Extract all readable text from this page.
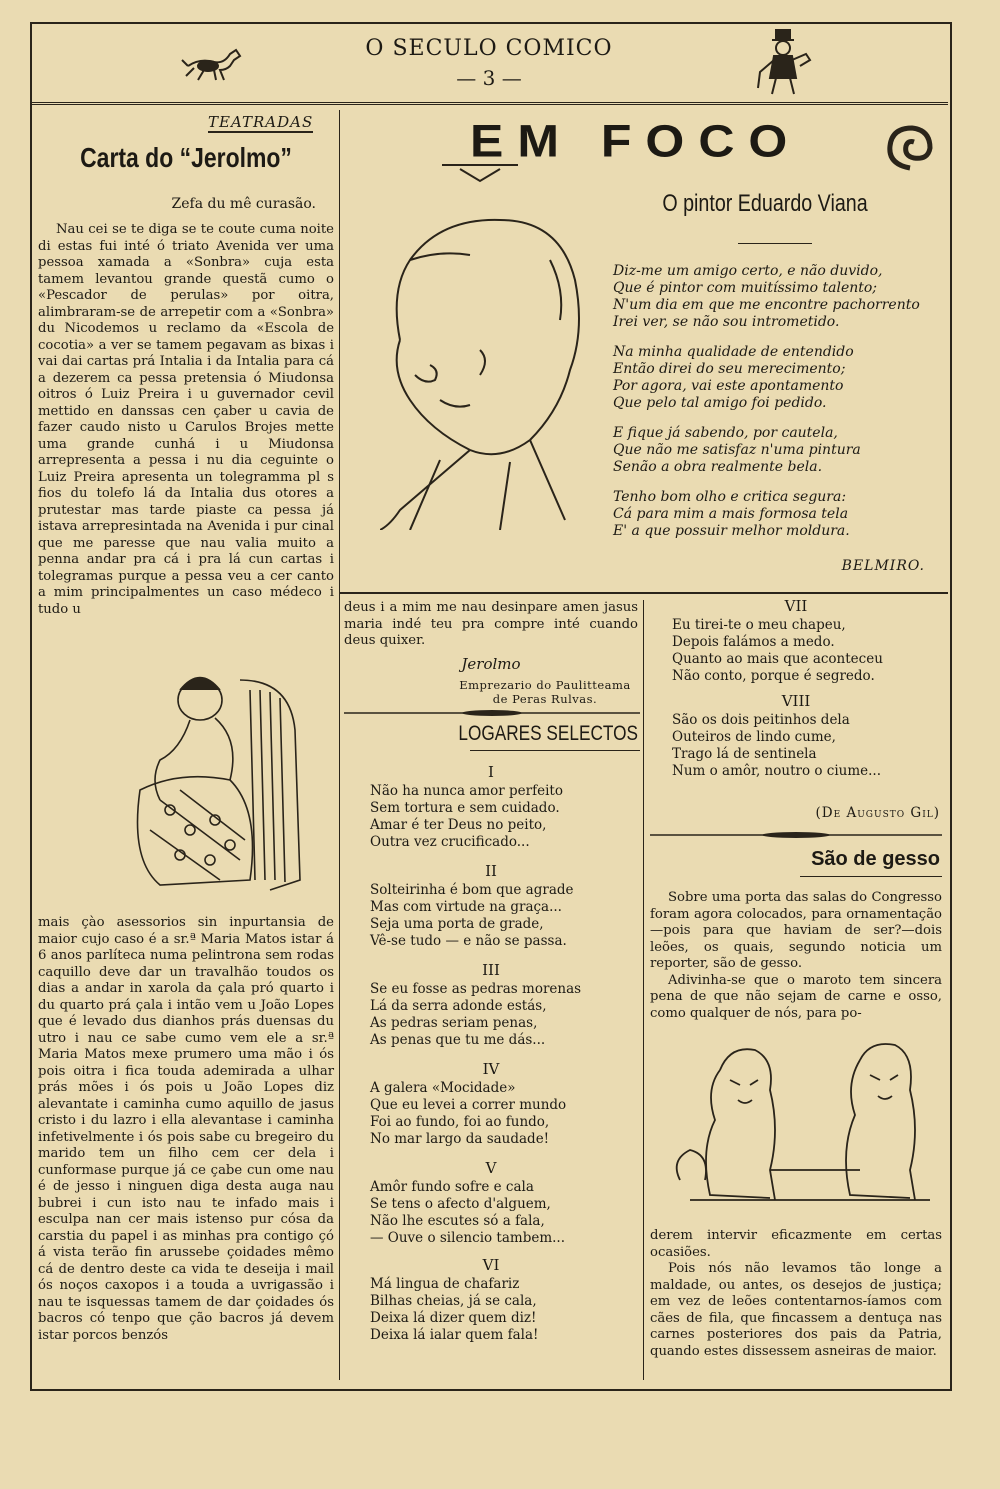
O SECULO COMICO
— 3 —
TEATRADAS
Carta do “Jerolmo”
Zefa du mê curasão.

Nau cei se te diga se te coute cuma noite di estas fui inté ó triato Avenida ver uma pessoa xamada a «Sonbra» cuja esta tamem levantou grande questã cumo o «Pescador de perulas» por oitra, alimbraram-se de arrepetir com a «Sonbra» du Nicodemos u reclamo da «Escola de cocotia» a ver se tamem pegavam as bixas i vai dai cartas prá Intalia i da Intalia para cá a dezerem ca pessa pretensia ó Miudonsa oitros ó Luiz Preira i u guvernador cevil mettido en danssas cen çaber u cavia de fazer caudo nisto u Carulos Brojes mette uma grande cunhá i u Miudonsa arrepresenta a pessa i nu dia ceguinte o Luiz Preira apresenta un tolegramma pl s fios du tolefo lá da Intalia dus otores a prutestar mas tarde piaste ca pessa já istava arrepresintada na Avenida i pur cinal que me paresse que nau valia muito a penna andar pra cá i pra lá cun cartas i tolegramas purque a pessa veu a cer canto a mim principalmentes un caso médeco i tudo u

mais çào asessorios sin inpurtansia de maior cujo caso é a sr.ª Maria Matos istar á 6 anos parlíteca numa pelintrona sem rodas caquillo deve dar un travalhão toudos os dias a andar in xarola da çala pró quarto i du quarto prá çala i intão vem u João Lopes que é levado dus dianhos prás duensas du utro i nau ce sabe cumo vem ele a sr.ª Maria Matos mexe prumero uma mão i ós pois oitra i fica touda ademirada a ulhar prás mões i ós pois u João Lopes diz alevantate i caminha cumo aquillo de jasus cristo i du lazro i ella alevantase i caminha infetivelmente i ós pois sabe cu bregeiro du marido tem un filho cem cer dela i cunformase purque já ce çabe cun ome nau é de jesso i ninguen diga desta auga nau bubrei i cun isto nau te infado mais i esculpa nan cer mais istenso pur cósa da carstia du papel i as minhas pra contigo çó á vista terão fin arussebe çoidades mêmo cá de dentro deste ca vida te deseija i mail ós noços caxopos i a touda a uvrigassão i nau te isquessas tamem de dar çoidades ós bacros có tenpo que ção bacros já devem istar porcos benzós

EM FOCO
O pintor Eduardo Viana
Diz-me um amigo certo, e não duvido,
Que é pintor com muitíssimo talento;
N'um dia em que me encontre pachorrento
Irei ver, se não sou intrometido.
Na minha qualidade de entendido
Então direi do seu merecimento;
Por agora, vai este apontamento
Que pelo tal amigo foi pedido.
E fique já sabendo, por cautela,
Que não me satisfaz n'uma pintura
Senão a obra realmente bela.
Tenho bom olho e critica segura:
Cá para mim a mais formosa tela
E' a que possuir melhor moldura.
BELMIRO.

deus i a mim me nau desinpare amen jasus maria indé teu pra compre inté cuando deus quixer.

Jerolmo
Emprezario do Paulitteama de Peras Rulvas.
LOGARES SELECTOS
I
Não ha nunca amor perfeito
Sem tortura e sem cuidado.
Amar é ter Deus no peito,
Outra vez crucificado...
II
Solteirinha é bom que agrade
Mas com virtude na graça...
Seja uma porta de grade,
Vê-se tudo — e não se passa.
III
Se eu fosse as pedras morenas
Lá da serra adonde estás,
As pedras seriam penas,
As penas que tu me dás...
IV
A galera «Mocidade»
Que eu levei a correr mundo
Foi ao fundo, foi ao fundo,
No mar largo da saudade!
V
Amôr fundo sofre e cala
Se tens o afecto d'alguem,
Não lhe escutes só a fala,
— Ouve o silencio tambem...
VI
Má lingua de chafariz
Bilhas cheias, já se cala,
Deixa lá dizer quem diz!
Deixa lá ialar quem fala!
VII
Eu tirei-te o meu chapeu,
Depois falámos a medo.
Quanto ao mais que aconteceu
Não conto, porque é segredo.
VIII
São os dois peitinhos dela
Outeiros de lindo cume,
Trago lá de sentinela
Num o amôr, noutro o ciume...
(De Augusto Gil)
São de gesso

Sobre uma porta das salas do Congresso foram agora colocados, para ornamentação—pois para que haviam de ser?—dois leões, os quais, segundo noticia um reporter, são de gesso.

Adivinha-se que o maroto tem sincera pena de que não sejam de carne e osso, como qualquer de nós, para po-

derem intervir eficazmente em certas ocasiões.

Pois nós não levamos tão longe a maldade, ou antes, os desejos de justiça; em vez de leões contentarnos-íamos com cães de fila, que fincassem a dentuça nas carnes posteriores dos pais da Patria, quando estes dissessem asneiras de maior.
